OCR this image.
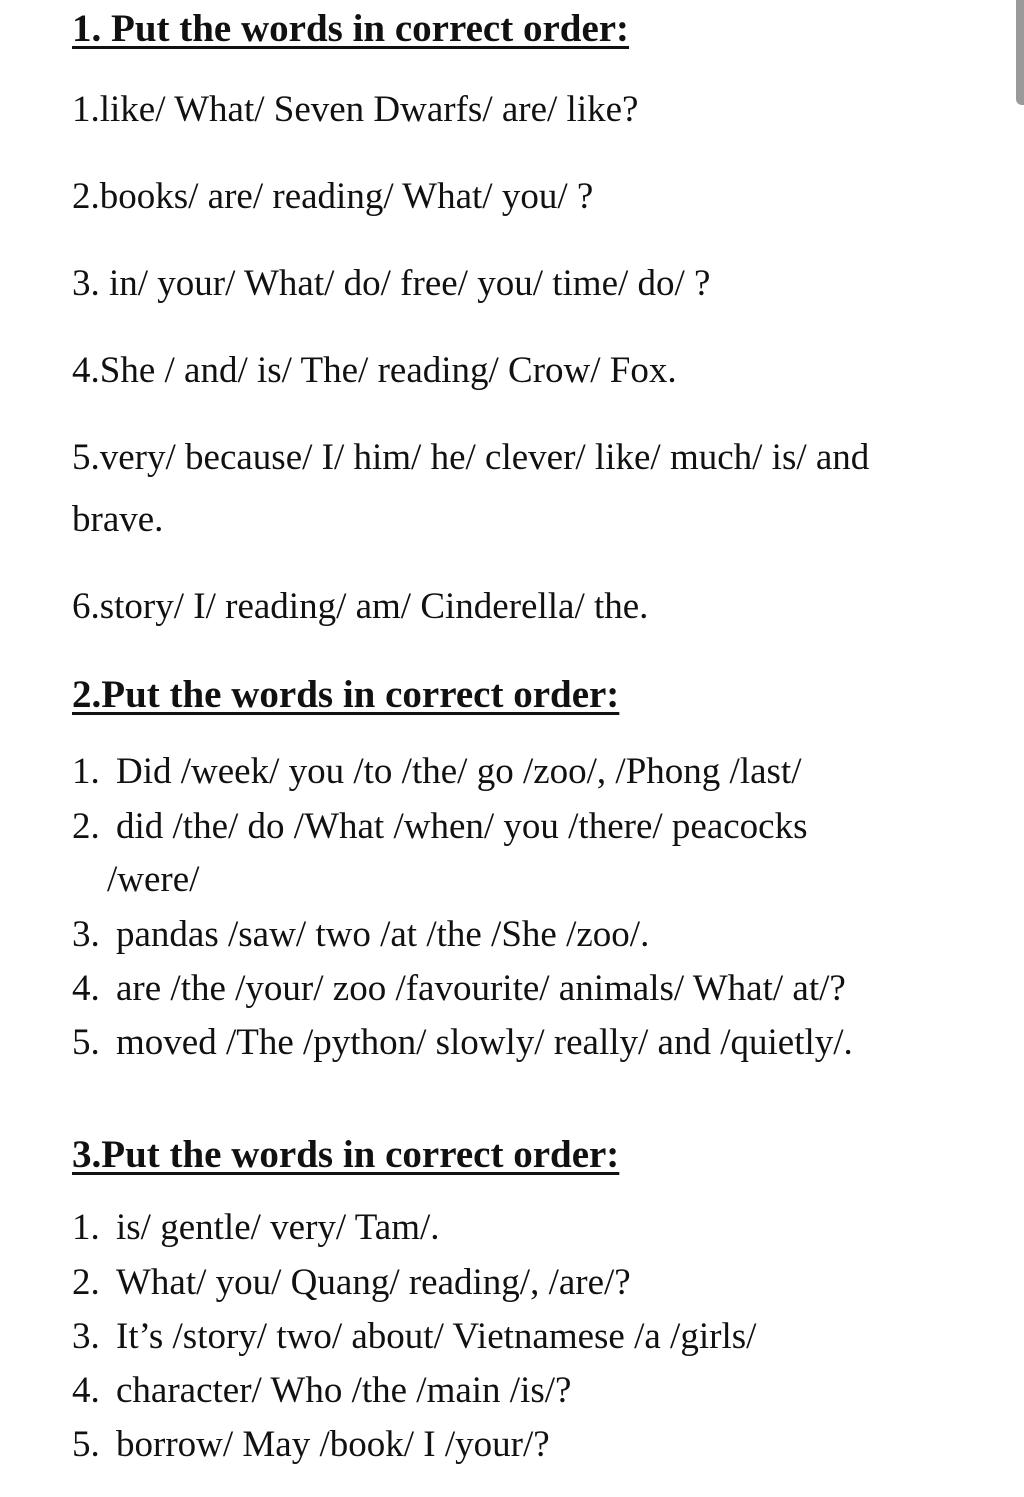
1. Put the words in correct order:

1.like/ What/ Seven Dwarfs/ are/ like?

2.books/ are/ reading/ What/ you/ ?

3. in/ your/ What/ do/ free/ you/ time/ do/ ?

4.She / and/ is/ The/ reading/ Crow/ Fox.

5.very/ because/ I/ him/ he/ clever/ like/ much/ is/ and

brave.

6.story/ I/ reading/ am/ Cinderella/ the.

2.Put the words in correct order:

1. Did /week/ you /to /the/ go /zoo/, /Phong /last/

2. did /the/ do /What /when/ you /there/ peacocks

/were/

3. pandas /saw/ two /at /the /She /zoo/.

4. are /the /your/ zoo /favourite/ animals/ What/ at/?

5. moved /The /python/ slowly/ really/ and /quietly/.

3.Put the words in correct order:

1. is/ gentle/ very/ Tam/.

2. What/ you/ Quang/ reading/, /are/?

3. It’s /story/ two/ about/ Vietnamese /a /girls/

4. character/ Who /the /main /is/?

5. borrow/ May /book/ I /your/?
